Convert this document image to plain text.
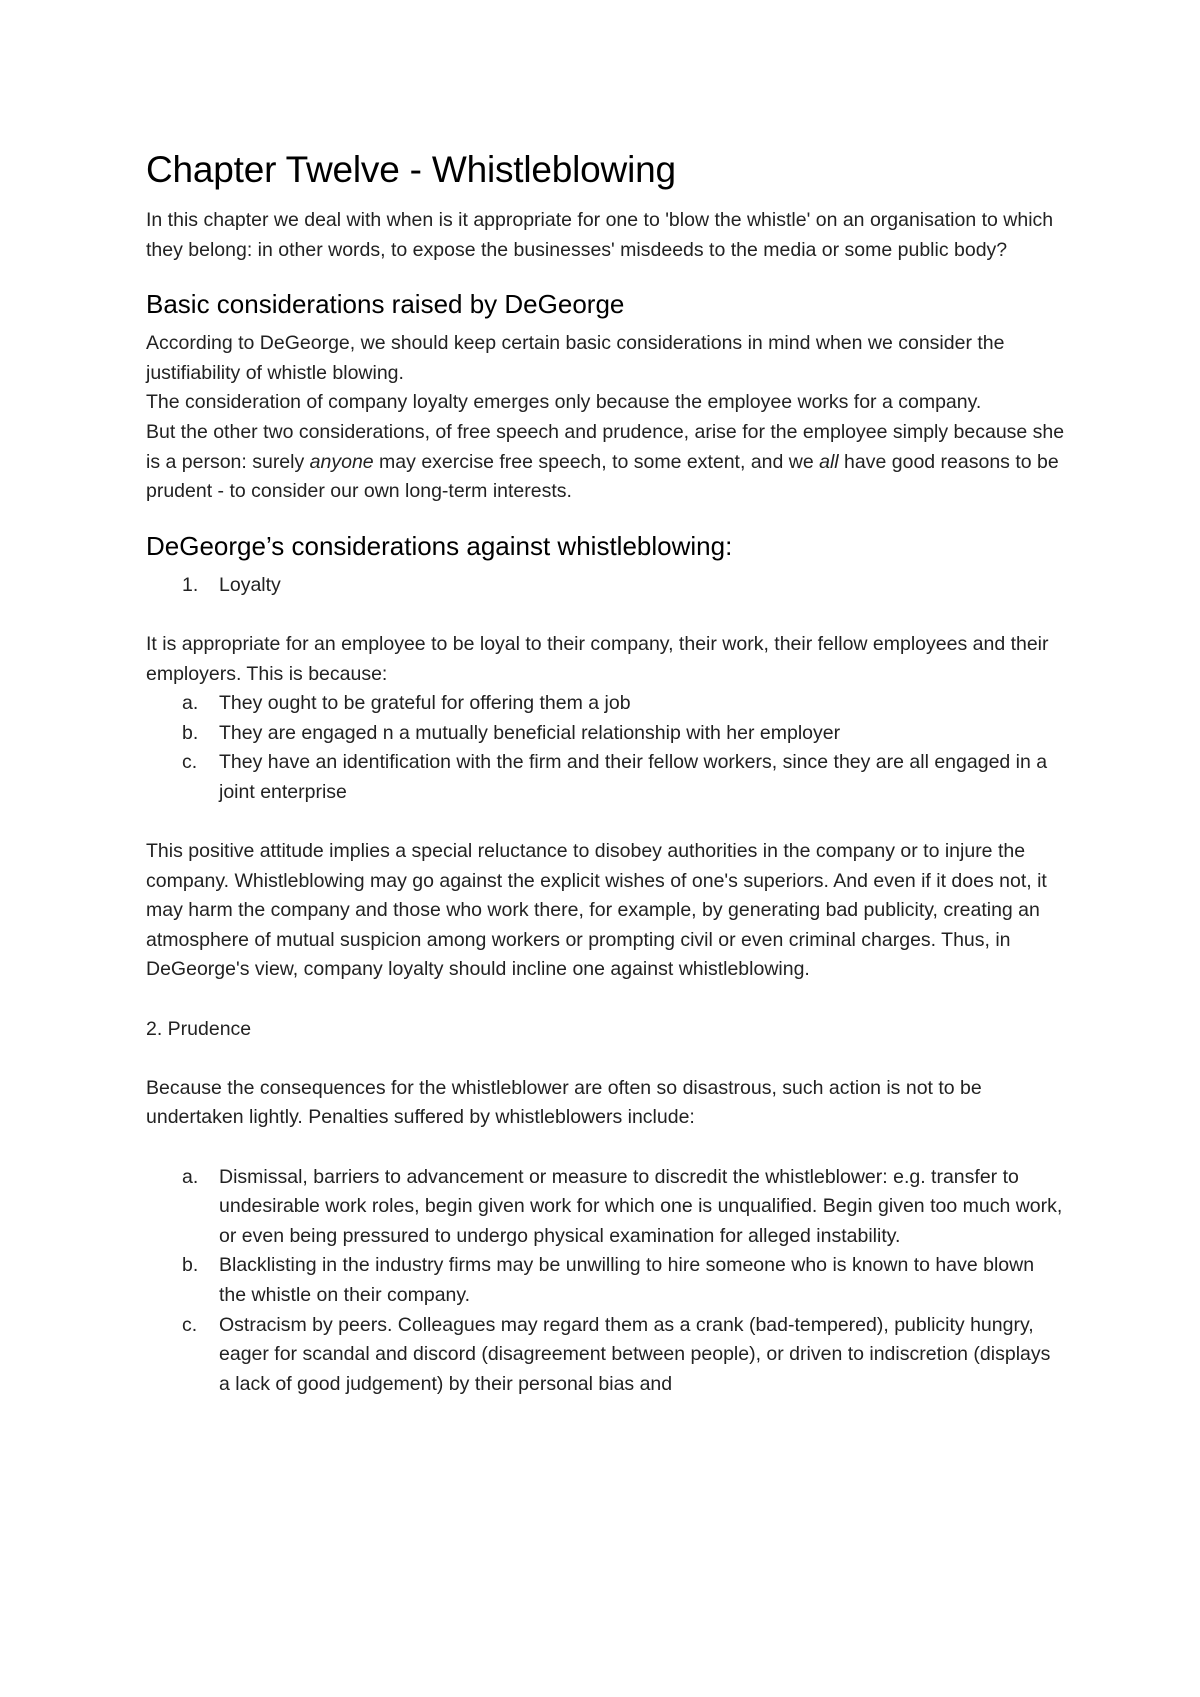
Chapter Twelve - Whistleblowing

In this chapter we deal with when is it appropriate for one to 'blow the whistle' on an organisation to which they belong: in other words, to expose the businesses' misdeeds to the media or some public body?

Basic considerations raised by DeGeorge

According to DeGeorge, we should keep certain basic considerations in mind when we consider the justifiability of whistle blowing.

The consideration of company loyalty emerges only because the employee works for a company.

But the other two considerations, of free speech and prudence, arise for the employee simply because she is a person: surely anyone may exercise free speech, to some extent, and we all have good reasons to be prudent - to consider our own long-term interests.

DeGeorge’s considerations against whistleblowing:
1. Loyalty

It is appropriate for an employee to be loyal to their company, their work, their fellow employees and their employers. This is because:

a. They ought to be grateful for offering them a job
b. They are engaged n a mutually beneficial relationship with her employer
c. They have an identification with the firm and their fellow workers, since they are all engaged in a joint enterprise

This positive attitude implies a special reluctance to disobey authorities in the company or to injure the company. Whistleblowing may go against the explicit wishes of one's superiors. And even if it does not, it may harm the company and those who work there, for example, by generating bad publicity, creating an atmosphere of mutual suspicion among workers or prompting civil or even criminal charges. Thus, in DeGeorge's view, company loyalty should incline one against whistleblowing.

2. Prudence

Because the consequences for the whistleblower are often so disastrous, such action is not to be undertaken lightly. Penalties suffered by whistleblowers include:

a. Dismissal, barriers to advancement or measure to discredit the whistleblower: e.g. transfer to undesirable work roles, begin given work for which one is unqualified. Begin given too much work, or even being pressured to undergo physical examination for alleged instability.
b. Blacklisting in the industry firms may be unwilling to hire someone who is known to have blown the whistle on their company.
c. Ostracism by peers. Colleagues may regard them as a crank (bad-tempered), publicity hungry, eager for scandal and discord (disagreement between people), or driven to indiscretion (displays a lack of good judgement) by their personal bias and
